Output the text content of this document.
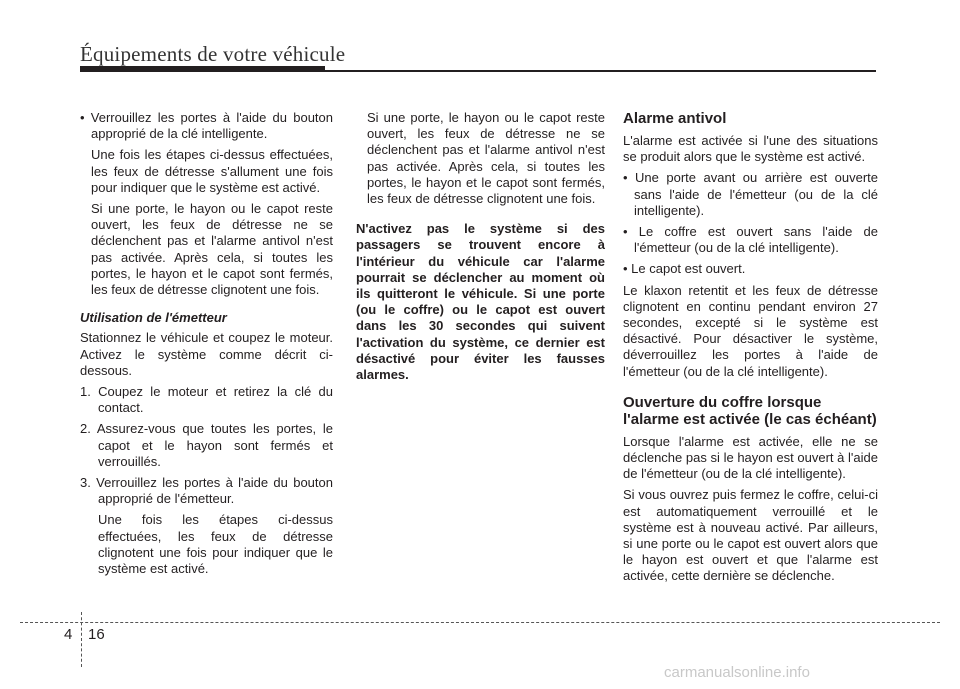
Équipements de votre véhicule

• Verrouillez les portes à l'aide du bouton approprié de la clé intelligente.

Une fois les étapes ci-dessus effectuées, les feux de détresse s'allument une fois pour indiquer que le système est activé.

Si une porte, le hayon ou le capot reste ouvert, les feux de détresse ne se déclenchent pas et l'alarme antivol n'est pas activée. Après cela, si toutes les portes, le hayon et le capot sont fermés, les feux de détresse clignotent une fois.

Utilisation de l'émetteur

Stationnez le véhicule et coupez le moteur. Activez le système comme décrit ci-dessous.

1. Coupez le moteur et retirez la clé du contact.

2. Assurez-vous que toutes les portes, le capot et le hayon sont fermés et verrouillés.

3. Verrouillez les portes à l'aide du bouton approprié de l'émetteur.

Une fois les étapes ci-dessus effectuées, les feux de détresse clignotent une fois pour indiquer que le système est activé.

Si une porte, le hayon ou le capot reste ouvert, les feux de détresse ne se déclenchent pas et l'alarme antivol n'est pas activée. Après cela, si toutes les portes, le hayon et le capot sont fermés, les feux de détresse clignotent une fois.

N'activez pas le système si des passagers se trouvent encore à l'intérieur du véhicule car l'alarme pourrait se déclencher au moment où ils quitteront le véhicule. Si une porte (ou le coffre) ou le capot est ouvert dans les 30 secondes qui suivent l'activation du système, ce dernier est désactivé pour éviter les fausses alarmes.

Alarme antivol

L'alarme est activée si l'une des situations se produit alors que le système est activé.

• Une porte avant ou arrière est ouverte sans l'aide de l'émetteur (ou de la clé intelligente).

• Le coffre est ouvert sans l'aide de l'émetteur (ou de la clé intelligente).

• Le capot est ouvert.

Le klaxon retentit et les feux de détresse clignotent en continu pendant environ 27 secondes, excepté si le système est désactivé. Pour désactiver le système, déverrouillez les portes à l'aide de l'émetteur (ou de la clé intelligente).

Ouverture du coffre lorsque l'alarme est activée (le cas échéant)

Lorsque l'alarme est activée, elle ne se déclenche pas si le hayon est ouvert à l'aide de l'émetteur (ou de la clé intelligente).

Si vous ouvrez puis fermez le coffre, celui-ci est automatiquement verrouillé et le système est à nouveau activé. Par ailleurs, si une porte ou le capot est ouvert alors que le hayon est ouvert et que l'alarme est activée, cette dernière se déclenche.

4 16
carmanualsonline.info
